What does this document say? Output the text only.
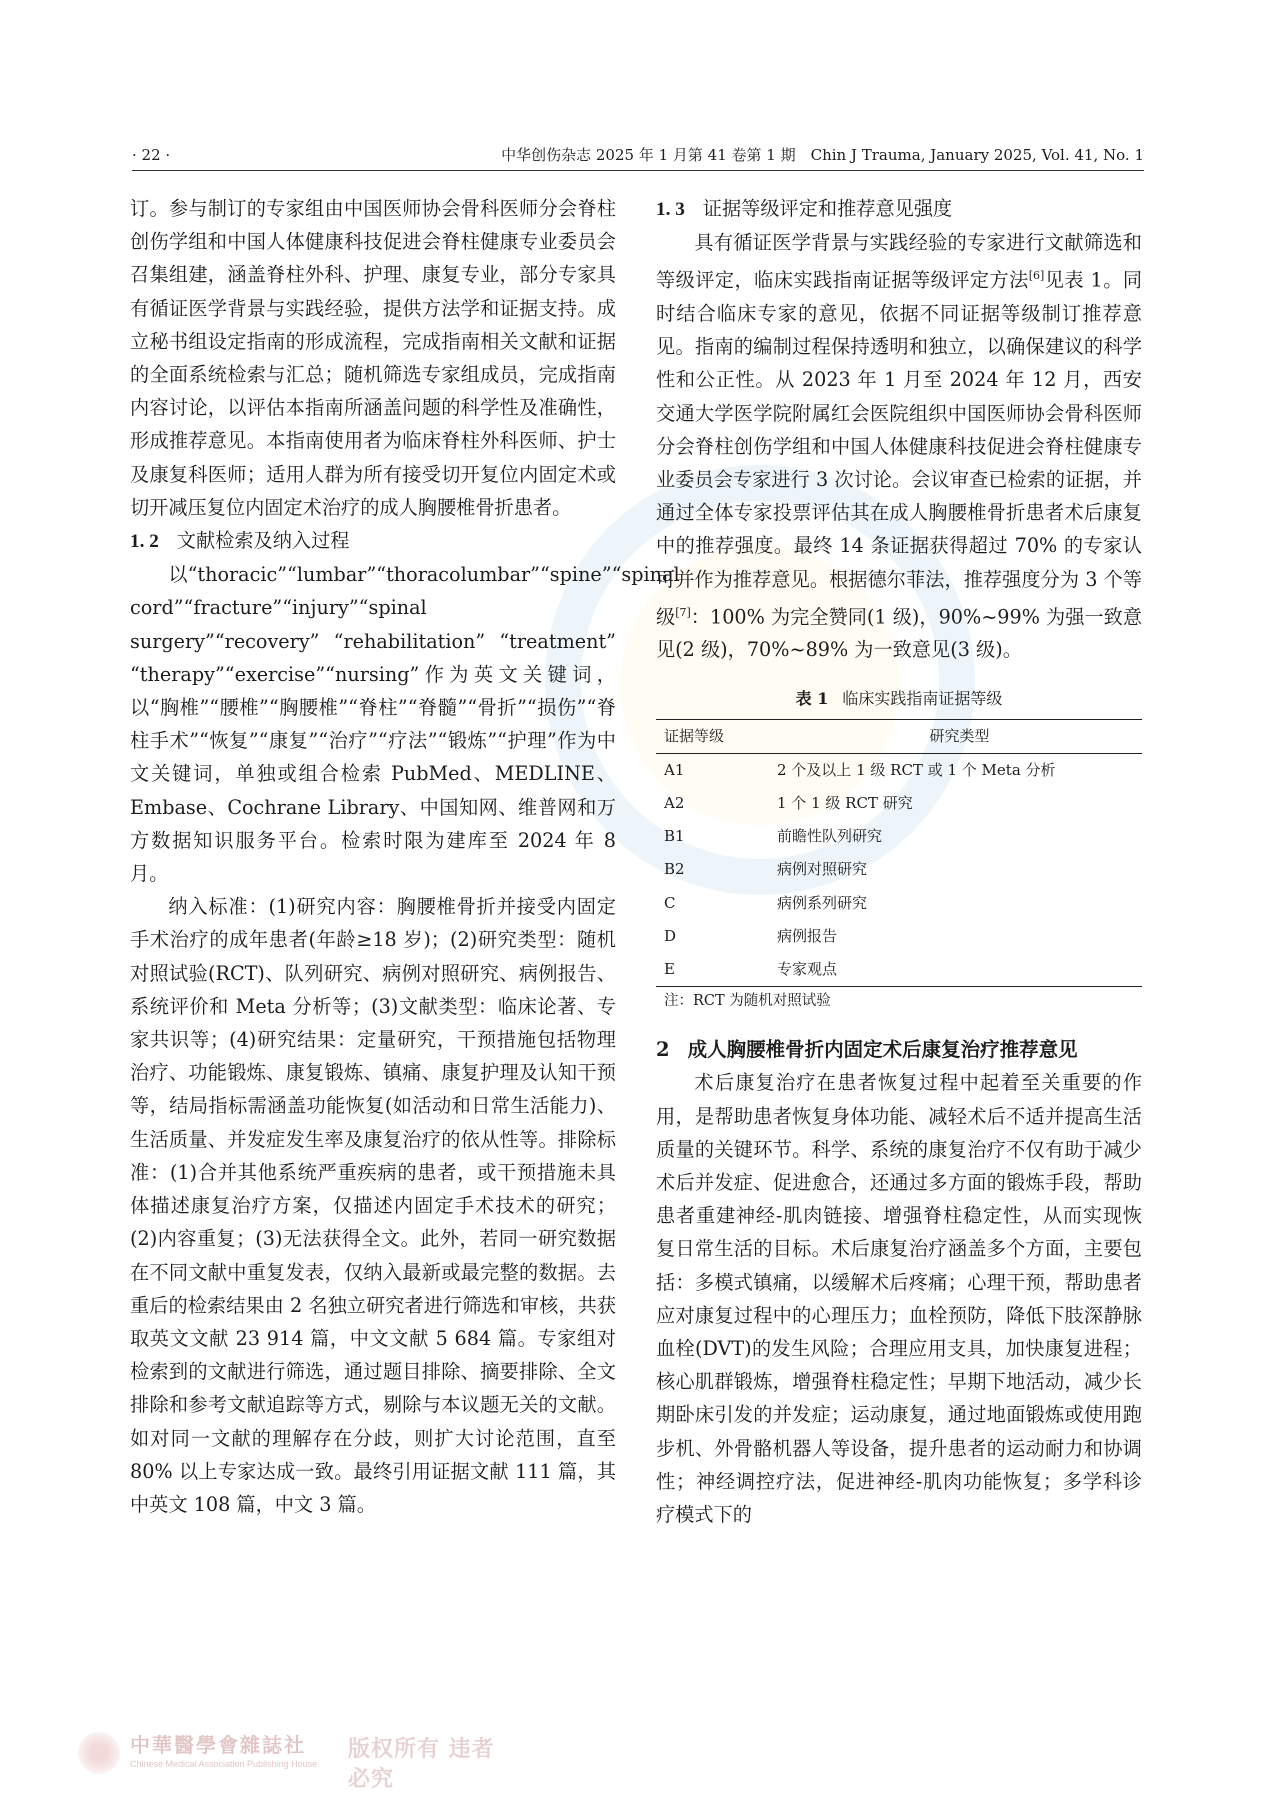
· 22 ·	中华创伤杂志 2025 年 1 月第 41 卷第 1 期　Chin J Trauma, January 2025, Vol. 41, No. 1

订。参与制订的专家组由中国医师协会骨科医师分会脊柱创伤学组和中国人体健康科技促进会脊柱健康专业委员会召集组建，涵盖脊柱外科、护理、康复专业，部分专家具有循证医学背景与实践经验，提供方法学和证据支持。成立秘书组设定指南的形成流程，完成指南相关文献和证据的全面系统检索与汇总；随机筛选专家组成员，完成指南内容讨论，以评估本指南所涵盖问题的科学性及准确性，形成推荐意见。本指南使用者为临床脊柱外科医师、护士及康复科医师；适用人群为所有接受切开复位内固定术或切开减压复位内固定术治疗的成人胸腰椎骨折患者。

1. 2 文献检索及纳入过程

以“thoracic”“lumbar”“thoracolumbar”“spine”“spinal cord”“fracture”“injury”“spinal surgery”“recovery” “rehabilitation” “treatment” “therapy”“exercise”“nursing”作为英文关键词，以“胸椎”“腰椎”“胸腰椎”“脊柱”“脊髓”“骨折”“损伤”“脊柱手术”“恢复”“康复”“治疗”“疗法”“锻炼”“护理”作为中文关键词，单独或组合检索 PubMed、MEDLINE、Embase、Cochrane Library、中国知网、维普网和万方数据知识服务平台。检索时限为建库至 2024 年 8 月。

纳入标准：(1)研究内容：胸腰椎骨折并接受内固定手术治疗的成年患者(年龄≥18 岁)；(2)研究类型：随机对照试验(RCT)、队列研究、病例对照研究、病例报告、系统评价和 Meta 分析等；(3)文献类型：临床论著、专家共识等；(4)研究结果：定量研究，干预措施包括物理治疗、功能锻炼、康复锻炼、镇痛、康复护理及认知干预等，结局指标需涵盖功能恢复(如活动和日常生活能力)、生活质量、并发症发生率及康复治疗的依从性等。排除标准：(1)合并其他系统严重疾病的患者，或干预措施未具体描述康复治疗方案，仅描述内固定手术技术的研究；(2)内容重复；(3)无法获得全文。此外，若同一研究数据在不同文献中重复发表，仅纳入最新或最完整的数据。去重后的检索结果由 2 名独立研究者进行筛选和审核，共获取英文文献 23 914 篇，中文文献 5 684 篇。专家组对检索到的文献进行筛选，通过题目排除、摘要排除、全文排除和参考文献追踪等方式，剔除与本议题无关的文献。如对同一文献的理解存在分歧，则扩大讨论范围，直至 80% 以上专家达成一致。最终引用证据文献 111 篇，其中英文 108 篇，中文 3 篇。

1. 3 证据等级评定和推荐意见强度

具有循证医学背景与实践经验的专家进行文献筛选和等级评定，临床实践指南证据等级评定方法[6]见表 1。同时结合临床专家的意见，依据不同证据等级制订推荐意见。指南的编制过程保持透明和独立，以确保建议的科学性和公正性。从 2023 年 1 月至 2024 年 12 月，西安交通大学医学院附属红会医院组织中国医师协会骨科医师分会脊柱创伤学组和中国人体健康科技促进会脊柱健康专业委员会专家进行 3 次讨论。会议审查已检索的证据，并通过全体专家投票评估其在成人胸腰椎骨折患者术后康复中的推荐强度。最终 14 条证据获得超过 70% 的专家认可并作为推荐意见。根据德尔菲法，推荐强度分为 3 个等级[7]：100% 为完全赞同(1 级)，90%~99% 为强一致意见(2 级)，70%~89% 为一致意见(3 级)。

表 1 临床实践指南证据等级
证据等级	研究类型
A1	2 个及以上 1 级 RCT 或 1 个 Meta 分析
A2	1 个 1 级 RCT 研究
B1	前瞻性队列研究
B2	病例对照研究
C	病例系列研究
D	病例报告
E	专家观点
注：RCT 为随机对照试验

2 成人胸腰椎骨折内固定术后康复治疗推荐意见

术后康复治疗在患者恢复过程中起着至关重要的作用，是帮助患者恢复身体功能、减轻术后不适并提高生活质量的关键环节。科学、系统的康复治疗不仅有助于减少术后并发症、促进愈合，还通过多方面的锻炼手段，帮助患者重建神经-肌肉链接、增强脊柱稳定性，从而实现恢复日常生活的目标。术后康复治疗涵盖多个方面，主要包括：多模式镇痛，以缓解术后疼痛；心理干预，帮助患者应对康复过程中的心理压力；血栓预防，降低下肢深静脉血栓(DVT)的发生风险；合理应用支具，加快康复进程；核心肌群锻炼，增强脊柱稳定性；早期下地活动，减少长期卧床引发的并发症；运动康复，通过地面锻炼或使用跑步机、外骨骼机器人等设备，提升患者的运动耐力和协调性；神经调控疗法，促进神经-肌肉功能恢复；多学科诊疗模式下的

中華醫學會雜誌社
Chinese Medical Association Publishing House
版权所有 违者必究
